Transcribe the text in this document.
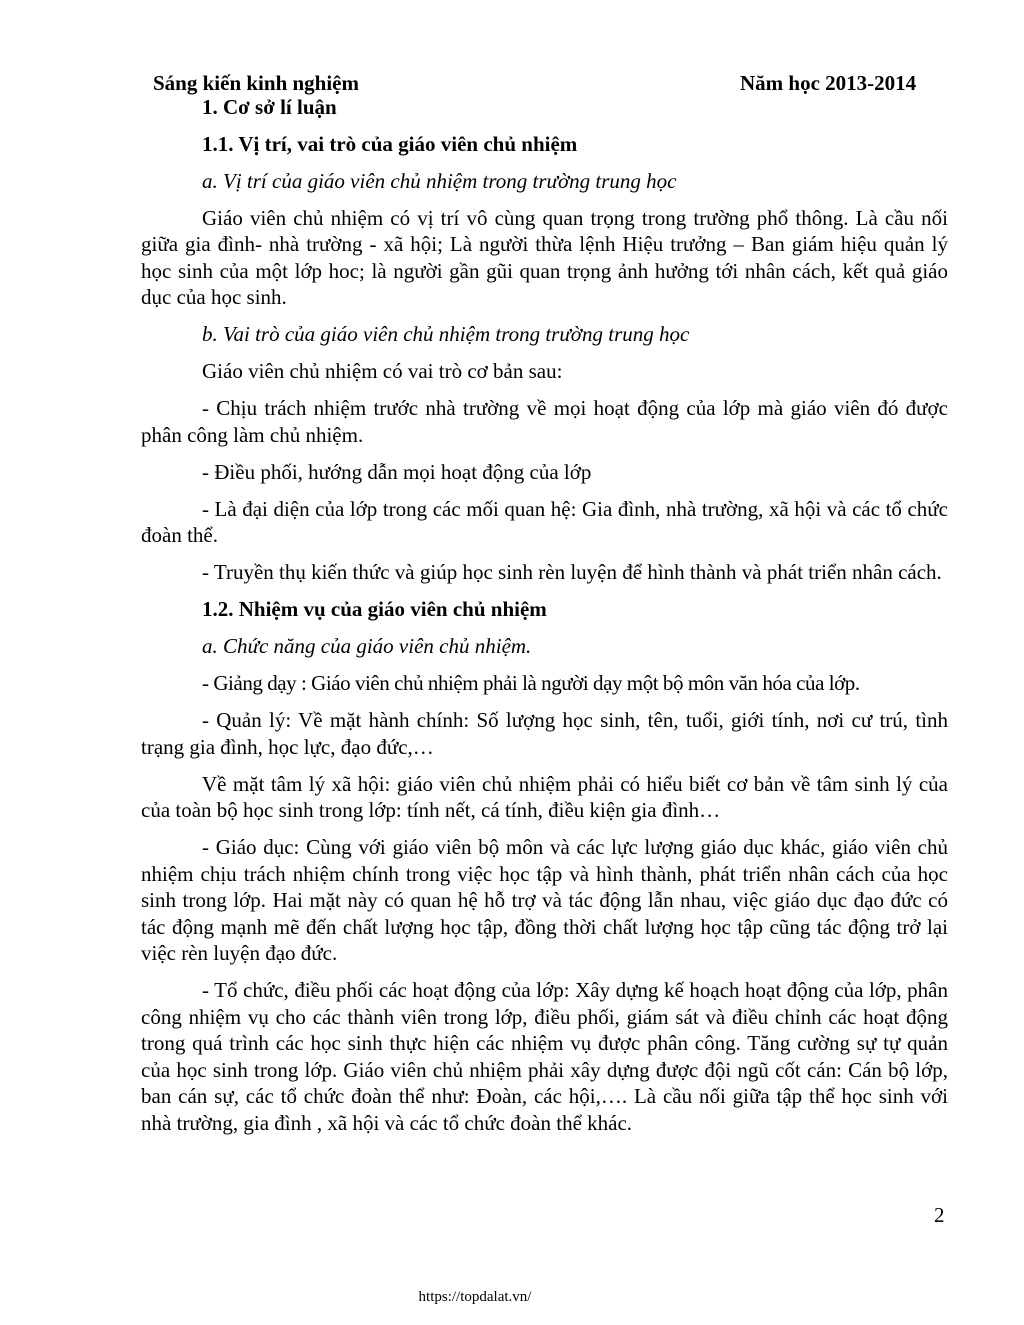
Sáng kiến kinh nghiệm	Năm học 2013-2014

1. Cơ sở lí luận

1.1. Vị trí, vai trò của giáo viên chủ nhiệm

a. Vị trí của giáo viên chủ nhiệm trong trường trung học

Giáo viên chủ nhiệm có vị trí vô cùng quan trọng trong trường phổ thông. Là cầu nối giữa gia đình- nhà trường - xã hội; Là người thừa lệnh Hiệu trưởng – Ban giám hiệu quản lý học sinh của một lớp hoc; là người gần gũi quan trọng ảnh hưởng tới nhân cách, kết quả giáo dục của học sinh.

b. Vai trò của giáo viên chủ nhiệm trong trường trung học

Giáo viên chủ nhiệm có vai trò cơ bản sau:

- Chịu trách nhiệm trước nhà trường về mọi hoạt động của lớp mà giáo viên đó được phân công làm chủ nhiệm.

- Điều phối, hướng dẫn mọi hoạt động của lớp

- Là đại diện của lớp trong các mối quan hệ: Gia đình, nhà trường, xã hội và các tổ chức đoàn thể.

- Truyền thụ kiến thức và giúp học sinh rèn luyện để hình thành và phát triển nhân cách.

1.2. Nhiệm vụ của giáo viên chủ nhiệm

a. Chức năng của giáo viên chủ nhiệm.

- Giảng dạy : Giáo viên chủ nhiệm phải là người dạy một bộ môn văn hóa của lớp.

- Quản lý: Về mặt hành chính: Số lượng học sinh, tên, tuổi, giới tính, nơi cư trú, tình trạng gia đình, học lực, đạo đức,…

Về mặt tâm lý xã hội: giáo viên chủ nhiệm phải có hiểu biết cơ bản về tâm sinh lý của của toàn bộ học sinh trong lớp: tính nết, cá tính, điều kiện gia đình…

- Giáo dục: Cùng với giáo viên bộ môn và các lực lượng giáo dục khác, giáo viên chủ nhiệm chịu trách nhiệm chính trong việc học tập và hình thành, phát triển nhân cách của học sinh trong lớp. Hai mặt này có quan hệ hỗ trợ và tác động lẫn nhau, việc giáo dục đạo đức có tác động mạnh mẽ đến chất lượng học tập, đồng thời chất lượng học tập cũng tác động trở lại việc rèn luyện đạo đức.

- Tổ chức, điều phối các hoạt động của lớp: Xây dựng kế hoạch hoạt động của lớp, phân công nhiệm vụ cho các thành viên trong lớp, điều phối, giám sát và điều chỉnh các hoạt động trong quá trình các học sinh thực hiện các nhiệm vụ được phân công. Tăng cường sự tự quản của học sinh trong lớp. Giáo viên chủ nhiệm phải xây dựng được đội ngũ cốt cán: Cán bộ lớp, ban cán sự, các tổ chức đoàn thể như: Đoàn, các hội,…. Là cầu nối giữa tập thể học sinh với nhà trường, gia đình , xã hội và các tổ chức đoàn thể khác.

2
https://topdalat.vn/
